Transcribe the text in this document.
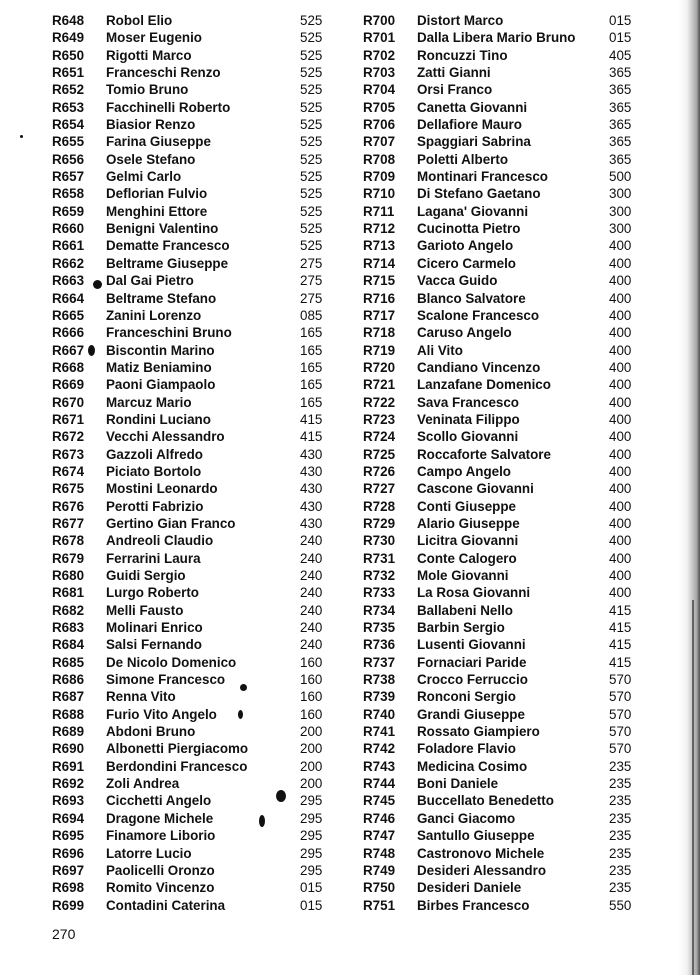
R648 Robol Elio	525
R649 Moser Eugenio	525
R650 Rigotti Marco	525
R651 Franceschi Renzo	525
R652 Tomio Bruno	525
R653 Facchinelli Roberto	525
R654 Biasior Renzo	525
R655 Farina Giuseppe	525
R656 Osele Stefano	525
R657 Gelmi Carlo	525
R658 Deflorian Fulvio	525
R659 Menghini Ettore	525
R660 Benigni Valentino	525
R661 Dematte Francesco	525
R662 Beltrame Giuseppe	275
R663 Dal Gai Pietro	275
R664 Beltrame Stefano	275
R665 Zanini Lorenzo	085
R666 Franceschini Bruno	165
R667 Biscontin Marino	165
R668 Matiz Beniamino	165
R669 Paoni Giampaolo	165
R670 Marcuz Mario	165
R671 Rondini Luciano	415
R672 Vecchi Alessandro	415
R673 Gazzoli Alfredo	430
R674 Piciato Bortolo	430
R675 Mostini Leonardo	430
R676 Perotti Fabrizio	430
R677 Gertino Gian Franco	430
R678 Andreoli Claudio	240
R679 Ferrarini Laura	240
R680 Guidi Sergio	240
R681 Lurgo Roberto	240
R682 Melli Fausto	240
R683 Molinari Enrico	240
R684 Salsi Fernando	240
R685 De Nicolo Domenico	160
R686 Simone Francesco	160
R687 Renna Vito	160
R688 Furio Vito Angelo	160
R689 Abdoni Bruno	200
R690 Albonetti Piergiacomo	200
R691 Berdondini Francesco	200
R692 Zoli Andrea	200
R693 Cicchetti Angelo	295
R694 Dragone Michele	295
R695 Finamore Liborio	295
R696 Latorre Lucio	295
R697 Paolicelli Oronzo	295
R698 Romito Vincenzo	015
R699 Contadini Caterina	015
R700 Distort Marco	015
R701 Dalla Libera Mario Bruno	015
R702 Roncuzzi Tino	405
R703 Zatti Gianni	365
R704 Orsi Franco	365
R705 Canetta Giovanni	365
R706 Dellafiore Mauro	365
R707 Spaggiari Sabrina	365
R708 Poletti Alberto	365
R709 Montinari Francesco	500
R710 Di Stefano Gaetano	300
R711 Lagana' Giovanni	300
R712 Cucinotta Pietro	300
R713 Garioto Angelo	400
R714 Cicero Carmelo	400
R715 Vacca Guido	400
R716 Blanco Salvatore	400
R717 Scalone Francesco	400
R718 Caruso Angelo	400
R719 Ali Vito	400
R720 Candiano Vincenzo	400
R721 Lanzafane Domenico	400
R722 Sava Francesco	400
R723 Veninata Filippo	400
R724 Scollo Giovanni	400
R725 Roccaforte Salvatore	400
R726 Campo Angelo	400
R727 Cascone Giovanni	400
R728 Conti Giuseppe	400
R729 Alario Giuseppe	400
R730 Licitra Giovanni	400
R731 Conte Calogero	400
R732 Mole Giovanni	400
R733 La Rosa Giovanni	400
R734 Ballabeni Nello	415
R735 Barbin Sergio	415
R736 Lusenti Giovanni	415
R737 Fornaciari Paride	415
R738 Crocco Ferruccio	570
R739 Ronconi Sergio	570
R740 Grandi Giuseppe	570
R741 Rossato Giampiero	570
R742 Foladore Flavio	570
R743 Medicina Cosimo	235
R744 Boni Daniele	235
R745 Buccellato Benedetto	235
R746 Ganci Giacomo	235
R747 Santullo Giuseppe	235
R748 Castronovo Michele	235
R749 Desideri Alessandro	235
R750 Desideri Daniele	235
R751 Birbes Francesco	550
270
